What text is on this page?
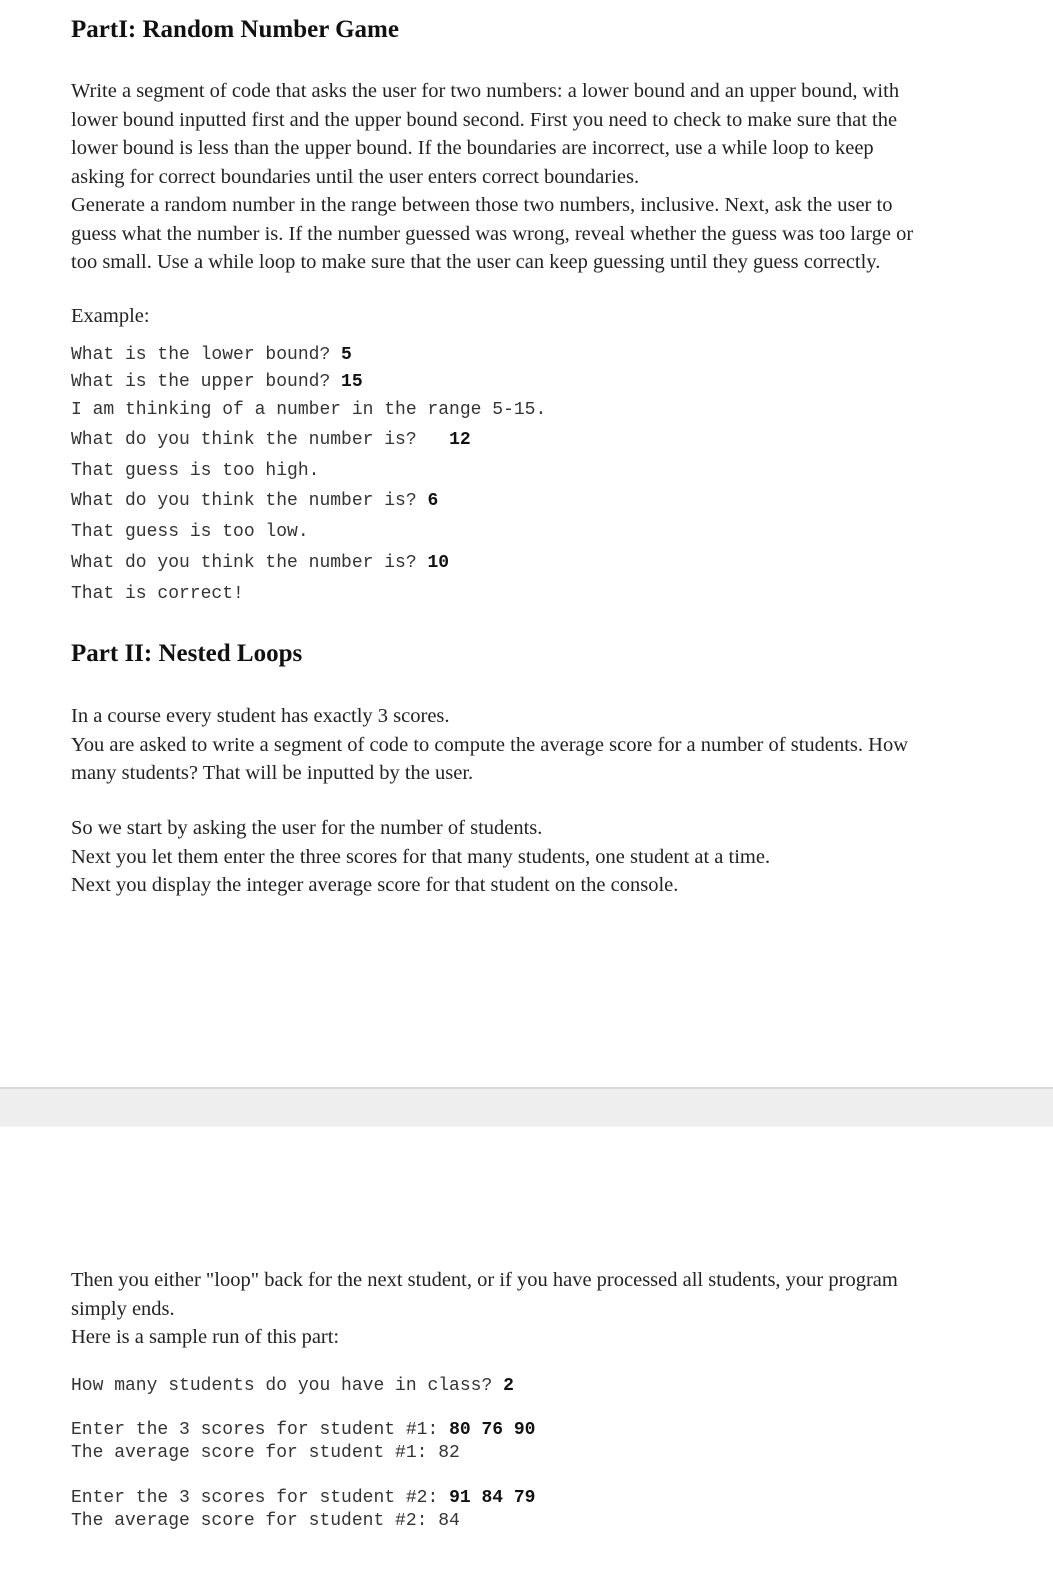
PartI: Random Number Game
Write a segment of code that asks the user for two numbers: a lower bound and an upper bound, with
lower bound inputted first and the upper bound second. First you need to check to make sure that the
lower bound is less than the upper bound. If the boundaries are incorrect, use a while loop to keep
asking for correct boundaries until the user enters correct boundaries.
Generate a random number in the range between those two numbers, inclusive. Next, ask the user to
guess what the number is. If the number guessed was wrong, reveal whether the guess was too large or
too small. Use a while loop to make sure that the user can keep guessing until they guess correctly.
Example:

What is the lower bound? 5

What is the upper bound? 15

I am thinking of a number in the range 5-15.

What do you think the number is?   12

That guess is too high.

What do you think the number is? 6

That guess is too low.

What do you think the number is? 10

That is correct!

Part II: Nested Loops
In a course every student has exactly 3 scores.
You are asked to write a segment of code to compute the average score for a number of students. How
many students? That will be inputted by the user.
So we start by asking the user for the number of students.
Next you let them enter the three scores for that many students, one student at a time.
Next you display the integer average score for that student on the console.
Then you either "loop" back for the next student, or if you have processed all students, your program
simply ends.
Here is a sample run of this part:

How many students do you have in class? 2

Enter the 3 scores for student #1: 80 76 90

The average score for student #1: 82

Enter the 3 scores for student #2: 91 84 79

The average score for student #2: 84
